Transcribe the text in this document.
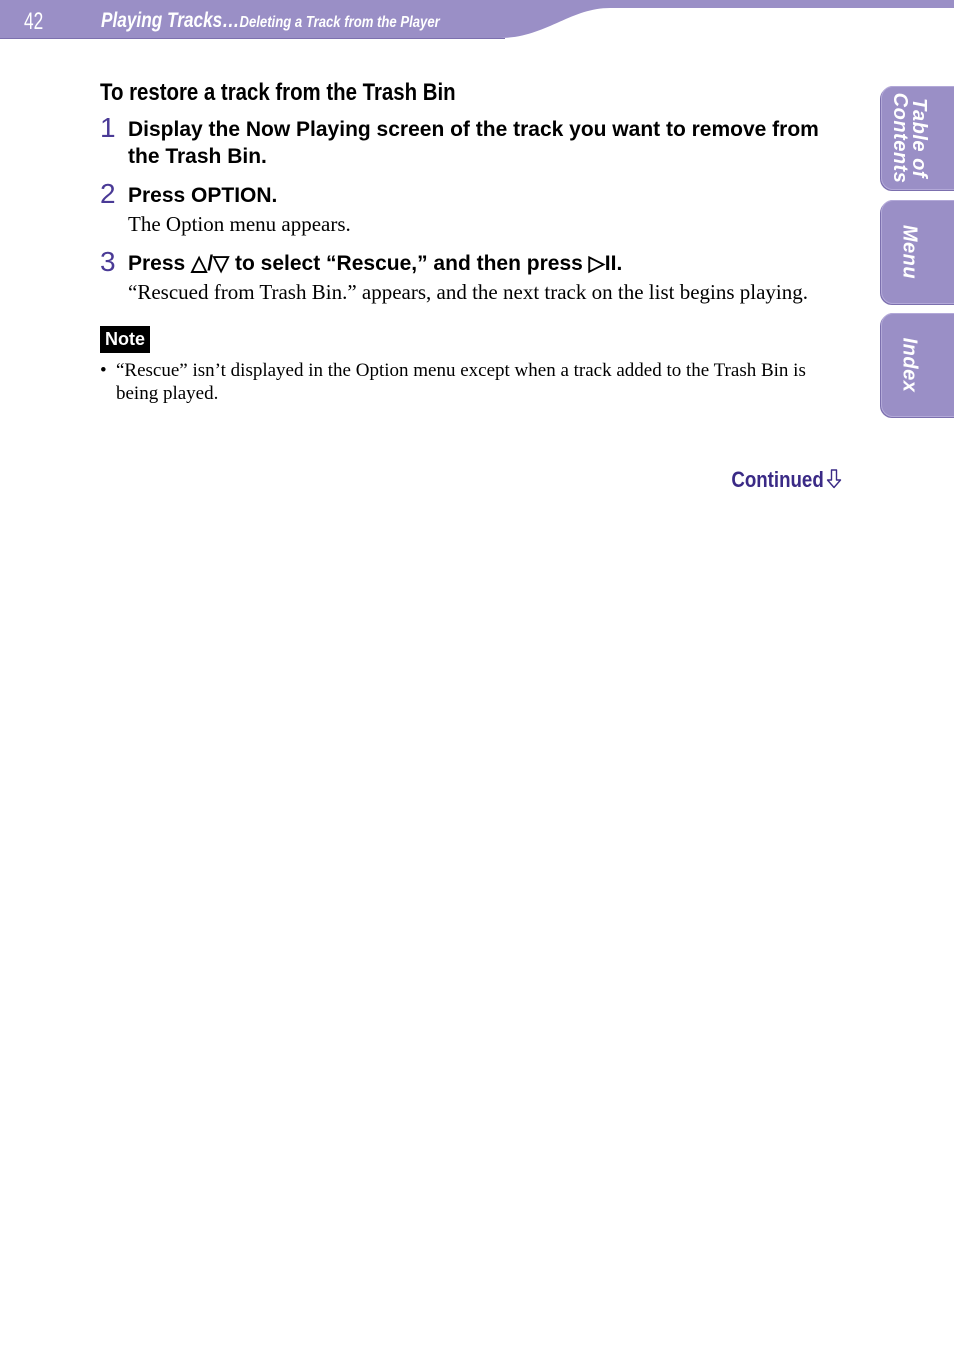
42	Playing Tracks…Deleting a Track from the Player
Table of
Contents
Menu
Index
To restore a track from the Trash Bin
1 Display the Now Playing screen of the track you want to remove from the Trash Bin.
2 Press OPTION.
The Option menu appears.
3 Press △/▽ to select “Rescue,” and then press ▷II.
“Rescued from Trash Bin.” appears, and the next track on the list begins playing.
Note
• “Rescue” isn’t displayed in the Option menu except when a track added to the Trash Bin is being played.
Continued
